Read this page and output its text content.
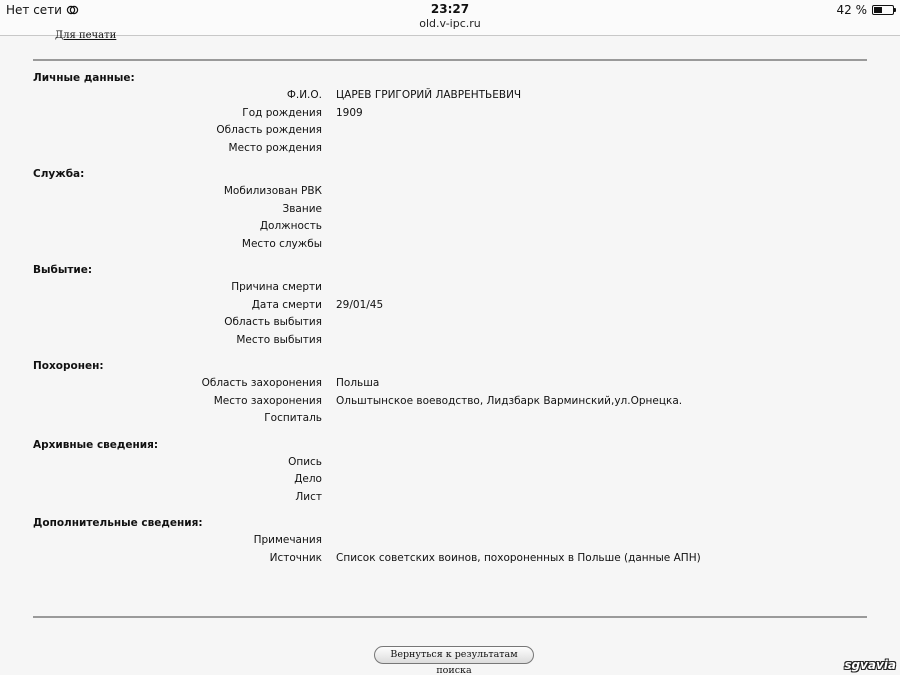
Нет сети	23:27	42 %
old.v-ipc.ru
Для печати
Личные данные:
Ф.И.О. ЦАРЕВ ГРИГОРИЙ ЛАВРЕНТЬЕВИЧ
Год рождения 1909
Область рождения
Место рождения
Служба:
Мобилизован РВК
Звание
Должность
Место службы
Выбытие:
Причина смерти
Дата смерти 29/01/45
Область выбытия
Место выбытия
Похоронен:
Область захоронения Польша
Место захоронения Ольштынское воеводство, Лидзбарк Варминский,ул.Орнецка.
Госпиталь
Архивные сведения:
Опись
Дело
Лист
Дополнительные сведения:
Примечания
Источник Список советских воинов, похороненных в Польше (данные АПН)
Вернуться к результатам поиска	sgvavia
